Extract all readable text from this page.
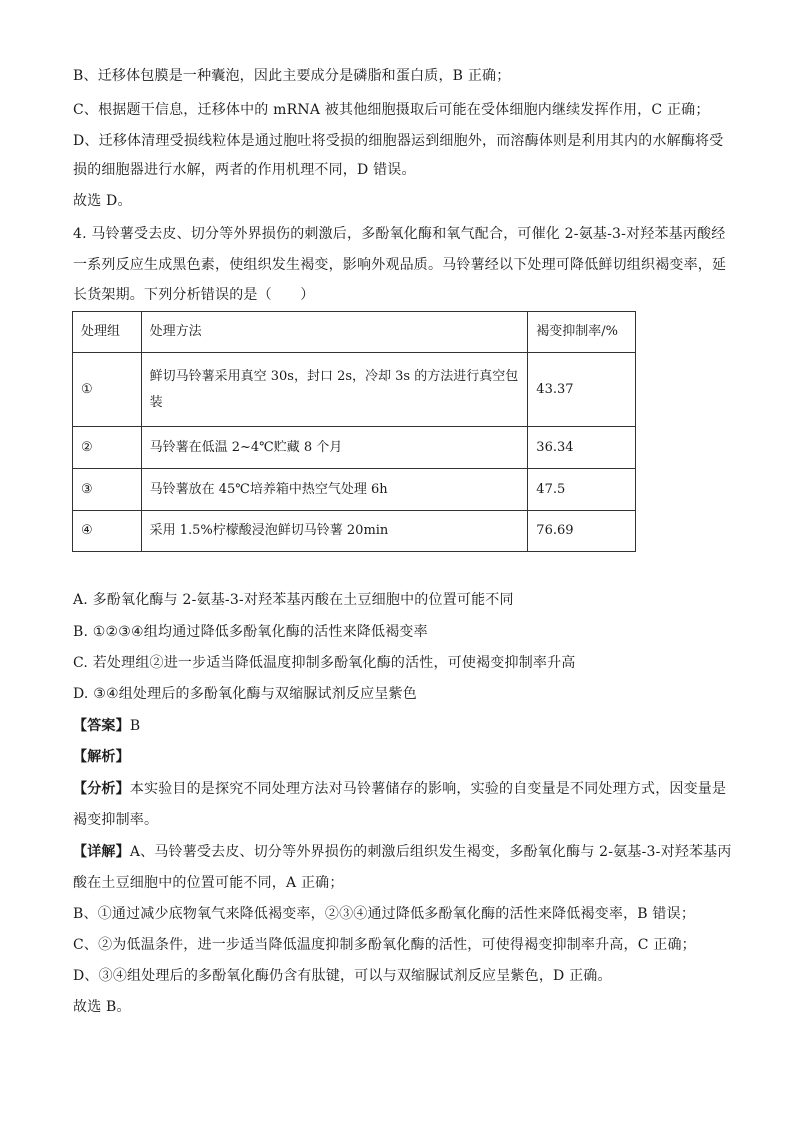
B、迁移体包膜是一种囊泡，因此主要成分是磷脂和蛋白质，B 正确；
C、根据题干信息，迁移体中的 mRNA 被其他细胞摄取后可能在受体细胞内继续发挥作用，C 正确；
D、迁移体清理受损线粒体是通过胞吐将受损的细胞器运到细胞外，而溶酶体则是利用其内的水解酶将受
损的细胞器进行水解，两者的作用机理不同，D 错误。
故选 D。
4. 马铃薯受去皮、切分等外界损伤的刺激后，多酚氧化酶和氧气配合，可催化 2-氨基-3-对羟苯基丙酸经
一系列反应生成黑色素，使组织发生褐变，影响外观品质。马铃薯经以下处理可降低鲜切组织褐变率，延
长货架期。下列分析错误的是（　　）
处理组	处理方法	褐变抑制率/%
①	鲜切马铃薯采用真空 30s，封口 2s，冷却 3s 的方法进行真空包
装	43.37
②	马铃薯在低温 2~4℃贮藏 8 个月	36.34
③	马铃薯放在 45℃培养箱中热空气处理 6h	47.5
④	采用 1.5%柠檬酸浸泡鲜切马铃薯 20min	76.69
A. 多酚氧化酶与 2-氨基-3-对羟苯基丙酸在土豆细胞中的位置可能不同
B. ①②③④组均通过降低多酚氧化酶的活性来降低褐变率
C. 若处理组②进一步适当降低温度抑制多酚氧化酶的活性，可使褐变抑制率升高
D. ③④组处理后的多酚氧化酶与双缩脲试剂反应呈紫色
【答案】B
【解析】
【分析】本实验目的是探究不同处理方法对马铃薯储存的影响，实验的自变量是不同处理方式，因变量是
褐变抑制率。
【详解】A、马铃薯受去皮、切分等外界损伤的刺激后组织发生褐变，多酚氧化酶与 2-氨基-3-对羟苯基丙
酸在土豆细胞中的位置可能不同，A 正确；
B、①通过减少底物氧气来降低褐变率，②③④通过降低多酚氧化酶的活性来降低褐变率，B 错误；
C、②为低温条件，进一步适当降低温度抑制多酚氧化酶的活性，可使得褐变抑制率升高，C 正确；
D、③④组处理后的多酚氧化酶仍含有肽键，可以与双缩脲试剂反应呈紫色，D 正确。
故选 B。
